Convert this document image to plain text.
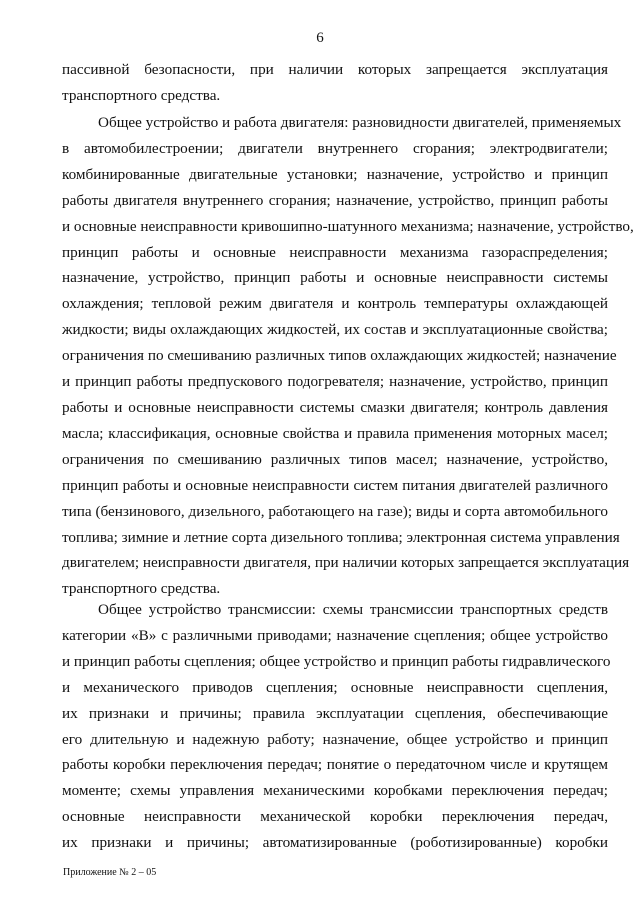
6
пассивной безопасности, при наличии которых запрещается эксплуатация
транспортного средства.
Общее устройство и работа двигателя: разновидности двигателей, применяемых
в автомобилестроении; двигатели внутреннего сгорания; электродвигатели;
комбинированные двигательные установки; назначение, устройство и принцип
работы двигателя внутреннего сгорания; назначение, устройство, принцип работы
и основные неисправности кривошипно-шатунного механизма; назначение, устройство,
принцип работы и основные неисправности механизма газораспределения;
назначение, устройство, принцип работы и основные неисправности системы
охлаждения; тепловой режим двигателя и контроль температуры охлаждающей
жидкости; виды охлаждающих жидкостей, их состав и эксплуатационные свойства;
ограничения по смешиванию различных типов охлаждающих жидкостей; назначение
и принцип работы предпускового подогревателя; назначение, устройство, принцип
работы и основные неисправности системы смазки двигателя; контроль давления
масла; классификация, основные свойства и правила применения моторных масел;
ограничения по смешиванию различных типов масел; назначение, устройство,
принцип работы и основные неисправности систем питания двигателей различного
типа (бензинового, дизельного, работающего на газе); виды и сорта автомобильного
топлива; зимние и летние сорта дизельного топлива; электронная система управления
двигателем; неисправности двигателя, при наличии которых запрещается эксплуатация
транспортного средства.
Общее устройство трансмиссии: схемы трансмиссии транспортных средств
категории «В» с различными приводами; назначение сцепления; общее устройство
и принцип работы сцепления; общее устройство и принцип работы гидравлического
и механического приводов сцепления; основные неисправности сцепления,
их признаки и причины; правила эксплуатации сцепления, обеспечивающие
его длительную и надежную работу; назначение, общее устройство и принцип
работы коробки переключения передач; понятие о передаточном числе и крутящем
моменте; схемы управления механическими коробками переключения передач;
основные неисправности механической коробки переключения передач,
их признаки и причины; автоматизированные (роботизированные) коробки
Приложение № 2 – 05
